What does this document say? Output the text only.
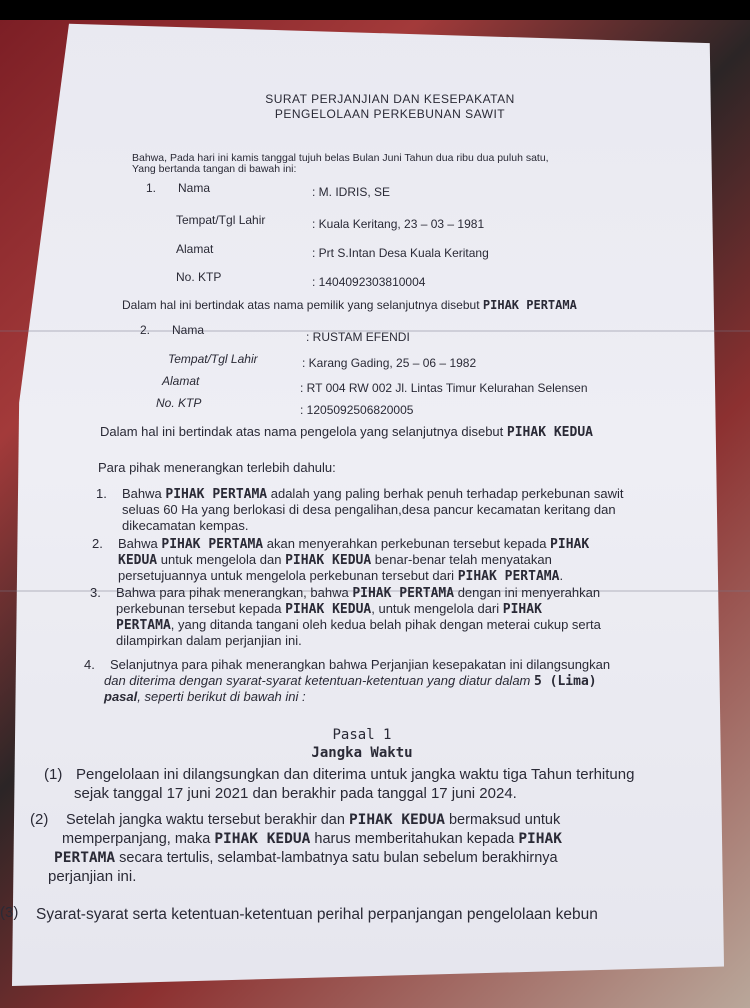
SURAT PERJANJIAN DAN KESEPAKATAN
PENGELOLAAN PERKEBUNAN SAWIT
Bahwa, Pada hari ini kamis tanggal tujuh belas Bulan Juni Tahun dua ribu dua puluh satu,
Yang bertanda tangan di bawah ini:
1. Nama	: M. IDRIS, SE
Tempat/Tgl Lahir	: Kuala Keritang, 23 – 03 – 1981
Alamat	: Prt S.Intan Desa Kuala Keritang
No. KTP	: 1404092303810004
Dalam hal ini bertindak atas nama pemilik yang selanjutnya disebut PIHAK PERTAMA
2. Nama	: RUSTAM EFENDI
Tempat/Tgl Lahir	: Karang Gading, 25 – 06 – 1982
Alamat	: RT 004 RW 002 Jl. Lintas Timur Kelurahan Selensen
No. KTP	: 1205092506820005
Dalam hal ini bertindak atas nama pengelola yang selanjutnya disebut PIHAK KEDUA
Para pihak menerangkan terlebih dahulu:
1. Bahwa PIHAK PERTAMA adalah yang paling berhak penuh terhadap perkebunan sawit
seluas 60 Ha yang berlokasi di desa pengalihan,desa pancur kecamatan keritang dan
dikecamatan kempas.
2. Bahwa PIHAK PERTAMA akan menyerahkan perkebunan tersebut kepada PIHAK
KEDUA untuk mengelola dan PIHAK KEDUA benar-benar telah menyatakan
persetujuannya untuk mengelola perkebunan tersebut dari PIHAK PERTAMA.
3. Bahwa para pihak menerangkan, bahwa PIHAK PERTAMA dengan ini menyerahkan
perkebunan tersebut kepada PIHAK KEDUA, untuk mengelola dari PIHAK
PERTAMA, yang ditanda tangani oleh kedua belah pihak dengan meterai cukup serta
dilampirkan dalam perjanjian ini.
4. Selanjutnya para pihak menerangkan bahwa Perjanjian kesepakatan ini dilangsungkan
dan diterima dengan syarat-syarat ketentuan-ketentuan yang diatur dalam 5 (Lima)
pasal, seperti berikut di bawah ini :
Pasal 1
Jangka Waktu
(1) Pengelolaan ini dilangsungkan dan diterima untuk jangka waktu tiga Tahun terhitung
sejak tanggal 17 juni 2021 dan berakhir pada tanggal 17 juni 2024.
(2) Setelah jangka waktu tersebut berakhir dan PIHAK KEDUA bermaksud untuk
memperpanjang, maka PIHAK KEDUA harus memberitahukan kepada PIHAK
PERTAMA secara tertulis, selambat-lambatnya satu bulan sebelum berakhirnya
perjanjian ini.
(3) Syarat-syarat serta ketentuan-ketentuan perihal perpanjangan pengelolaan kebun
